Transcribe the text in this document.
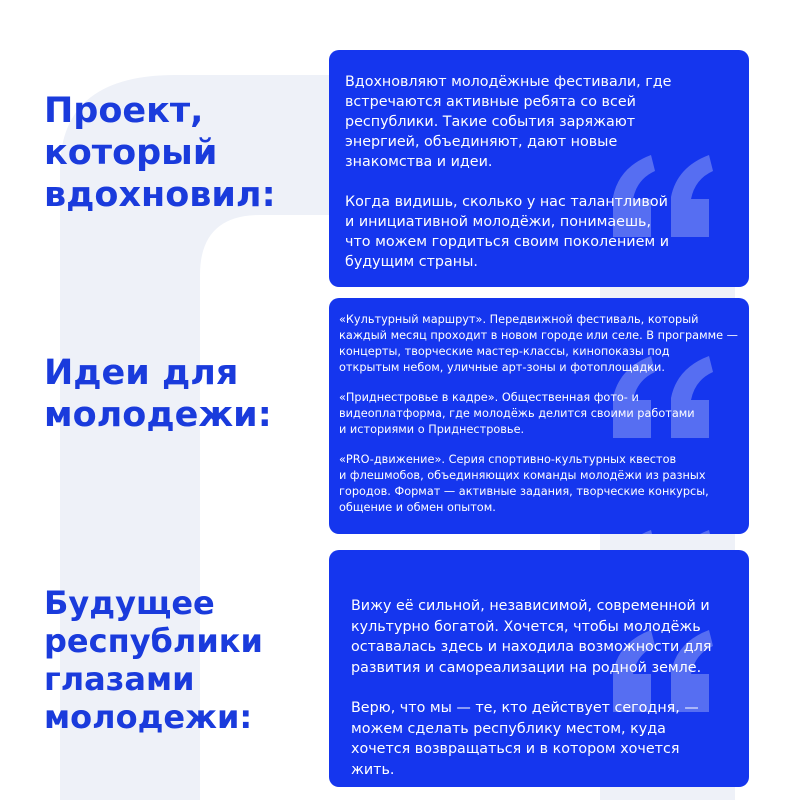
Проект,
который
вдохновил:
Идеи для
молодежи:
Будущее
республики
глазами
молодежи:

Вдохновляют молодёжные фестивали, где
встречаются активные ребята со всей
республики. Такие события заряжают
энергией, объединяют, дают новые
знакомства и идеи.

Когда видишь, сколько у нас талантливой
и инициативной молодёжи, понимаешь,
что можем гордиться своим поколением и
будущим страны.

«Культурный маршрут». Передвижной фестиваль, который
каждый месяц проходит в новом городе или селе. В программе —
концерты, творческие мастер-классы, кинопоказы под
открытым небом, уличные арт-зоны и фотоплощадки.

«Приднестровье в кадре». Общественная фото- и
видеоплатформа, где молодёжь делится своими работами
и историями о Приднестровье.

«PRO-движение». Серия спортивно-культурных квестов
и флешмобов, объединяющих команды молодёжи из разных
городов. Формат — активные задания, творческие конкурсы,
общение и обмен опытом.

Вижу её сильной, независимой, современной и
культурно богатой. Хочется, чтобы молодёжь
оставалась здесь и находила возможности для
развития и самореализации на родной земле.

Верю, что мы — те, кто действует сегодня, —
можем сделать республику местом, куда
хочется возвращаться и в котором хочется
жить.
